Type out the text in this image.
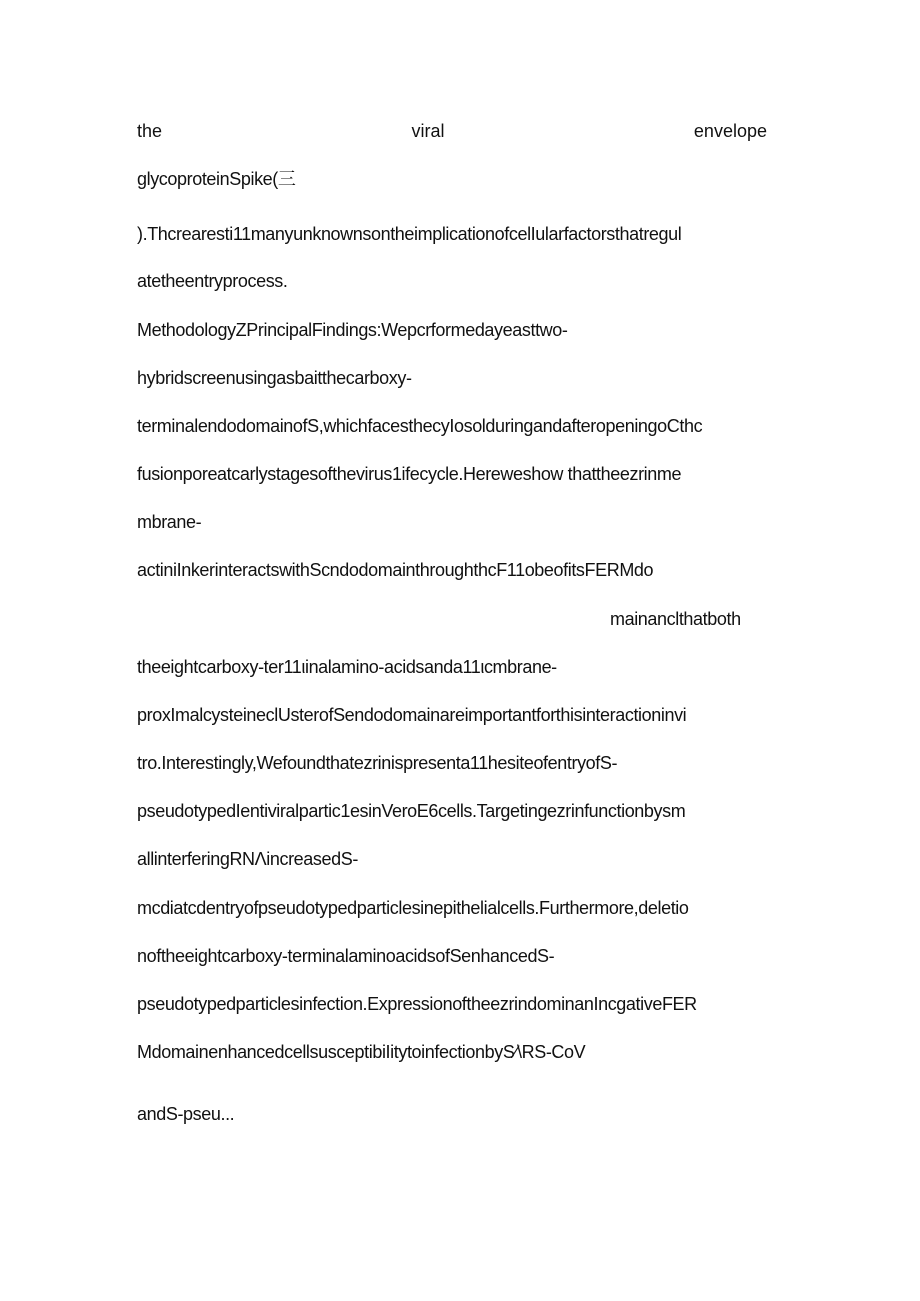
the	viral	envelope
glycoproteinSpike(三
).Thcrearesti11manyunknownsontheimplicationofcelIularfactorsthatregul
atetheentryprocess.
MethodologyZPrincipalFindings:Wepcrformedayeasttwo-
hybridscreenusingasbaitthecarboxy-
terminalendodomainofS,whichfacesthecyIosolduringandafteropeningoCthc
fusionporeatcarlystagesofthevirus1ifecycle.Hereweshow thattheezrinme
mbrane-
actiniInkerinteractswithScndodomainthroughthcF11obeofitsFERMdo
mainanclthatboth
theeightcarboxy-ter11ιinalamino-acidsanda11ιcmbrane-
proxImalcysteineclUsterofSendodomainareimportantforthisinteractioninvi
tro.Interestingly,Wefoundthatezrinispresenta11hesiteofentryofS-
pseudotypedIentiviralpartic1esinVeroE6cells.Targetingezrinfunctionbysm
allinterferingRNΛincreasedS-
mcdiatcdentryofpseudotypedparticlesinepithelialcells.Furthermore,deletio
noftheeightcarboxy-terminalaminoacidsofSenhancedS-
pseudotypedparticlesinfection.ExpressionoftheezrindominanIncgativeFER
MdomainenhancedcellsusceptibiIitytoinfectionbyS∕\RS-CoV
andS-pseu...
